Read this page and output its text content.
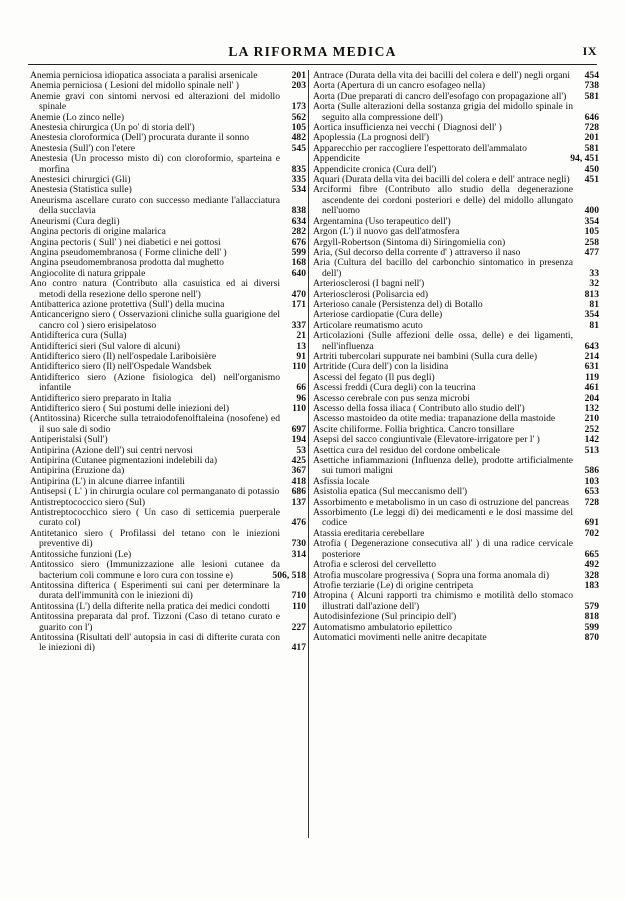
LA RIFORMA MEDICA	IX
Anemia perniciosa idiopatica associata a paralisi arsenicale	201
Anemia perniciosa ( Lesioni del midollo spinale nell' )	203
Anemie gravi con sintomi nervosi ed alterazioni del midollo spinale	173
Anemie (Lo zinco nelle)	562
Anestesia chirurgica (Un po' di storia dell')	105
Anestesia cloroformica (Dell') procurata durante il sonno	482
Anestesia (Sull') con l'etere	545
Anestesia (Un processo misto di) con cloroformio, sparteina e morfina	835
Anestesici chirurgici (Gli)	335
Anestesia (Statistica sulle)	534
Aneurisma ascellare curato con successo mediante l'allacciatura della succlavia	838
Aneurismi (Cura degli)	634
Angina pectoris di origine malarica	282
Angina pectoris ( Sull' ) nei diabetici e nei gottosi	676
Angina pseudomembranosa ( Forme cliniche dell' )	599
Angina pseudomembranosa prodotta dal mughetto	168
Angiocolite di natura grippale	640
Ano contro natura (Contributo alla casuistica ed ai diversi metodi della resezione dello sperone nell')	470
Antibatterica azione protettiva (Sull') della mucina	171
Anticancerigno siero ( Osservazioni cliniche sulla guarigione del cancro col ) siero erisipelatoso	337
Antidifterica cura (Sulla)	21
Antidifterici sieri (Sul valore di alcuni)	13
Antidifterico siero (Il) nell'ospedale Lariboisière	91
Antidifterico siero (Il) nell'Ospedale Wandsbek	110
Antidifterico siero (Azione fisiologica del) nell'organismo infantile	66
Antidifterico siero preparato in Italia	96
Antidifterico siero ( Sui postumi delle iniezioni del)	110
(Antitossina) Ricerche sulla tetraiodofenolftaleina (nosofene) ed il suo sale di sodio	697
Antiperistalsi (Sull')	194
Antipirina (Azione dell') sui centri nervosi	53
Antipirina (Cutanee pigmentazioni indelebili da)	425
Antipirina (Eruzione da)	367
Antipirina (L') in alcune diarree infantili	418
Antisepsi ( L' ) in chirurgia oculare col permanganato di potassio 686
Antistreptococcico siero (Sul)	137
Antistreptococchico siero ( Un caso di setticemia puerperale curato col)	476
Antitetanico siero ( Profilassi del tetano con le iniezioni preventive di)	730
Antitossiche funzioni (Le)	314
Antitossico siero (Immunizzazione alle lesioni cutanee da bacterium coli commune e loro cura con tossine e)	506, 518
Antitossina difterica ( Esperimenti sui cani per determinare la durata dell'immunità con le iniezioni di)	710
Antitossina (L') della difterite nella pratica dei medici condotti 110
Antitossina preparata dal prof. Tizzoni (Caso di tetano curato e guarito con l')	227
Antitossina (Risultati dell' autopsia in casi di difterite curata con le iniezioni di)	417
Antrace (Durata della vita dei bacilli del colera e dell') negli organi 454
Aorta (Apertura di un cancro esofageo nella)	738
Aorta (Due preparati di cancro dell'esofago con propagazione all') 581
Aorta (Sulle alterazioni della sostanza grigia del midollo spinale in seguito alla compressione dell')	646
Aortica insufficienza nei vecchi ( Diagnosi dell' )	728
Apoplessia (La prognosi dell')	201
Apparecchio per raccogliere l'espettorato dell'ammalato	581
Appendicite	94, 451
Appendicite cronica (Cura dell')	450
Aquari (Durata della vita dei bacilli del colera e dell' antrace negli) 451
Arciformi fibre (Contributo allo studio della degenerazione ascendente dei cordoni posteriori e delle) del midollo allungato nell'uomo	400
Argentamina (Uso terapeutico dell')	354
Argon (L') il nuovo gas dell'atmosfera	105
Argyll-Robertson (Sintoma di) Siringomielia con)	258
Aria, (Sul decorso della corrente d' ) attraverso il naso	477
Aria (Cultura del bacillo del carbonchio sintomatico in presenza dell')	33
Arteriosclerosi (I bagni nell')	32
Arteriosclerosi (Polisarcia ed)	813
Arterioso canale (Persistenza del) di Botallo	81
Arteriose cardiopatie (Cura delle)	354
Articolare reumatismo acuto	81
Articolazioni (Sulle affezioni delle ossa, delle) e dei ligamenti, nell'influenza	643
Artriti tubercolari suppurate nei bambini (Sulla cura delle)	214
Artritide (Cura dell') con la lisidina	631
Ascessi del fegato (Il pus degli)	119
Ascessi freddi (Cura degli) con la teucrina	461
Ascesso cerebrale con pus senza microbi	204
Ascesso della fossa iliaca ( Contributo allo studio dell')	132
Ascesso mastoideo da otite media: trapanazione della mastoide	210
Ascite chiliforme. Follia brightica. Cancro tonsillare	252
Asepsi del sacco congiuntivale (Elevatore-irrigatore per l' )	142
Asettica cura del residuo del cordone ombelicale	513
Asettiche infiammazioni (Influenza delle), prodotte artificialmente sui tumori maligni	586
Asfissia locale	103
Asistolia epatica (Sul meccanismo dell')	653
Assorbimento e metabolismo in un caso di ostruzione del pancreas 728
Assorbimento (Le leggi di) dei medicamenti e le dosi massime del codice	691
Atassia ereditaria cerebellare	702
Atrofia ( Degenerazione consecutiva all' ) di una radice cervicale posteriore	665
Atrofia e sclerosi del cervelletto	492
Atrofia muscolare progressiva ( Sopra una forma anomala di)	328
Atrofie terziarie (Le) di origine centripeta	183
Atropina ( Alcuni rapporti tra chimismo e motilità dello stomaco illustrati dall'azione dell')	579
Autodisinfezione (Sul principio dell')	818
Automatismo ambulatorio epilettico	599
Automatici movimenti nelle anitre decapitate	870
